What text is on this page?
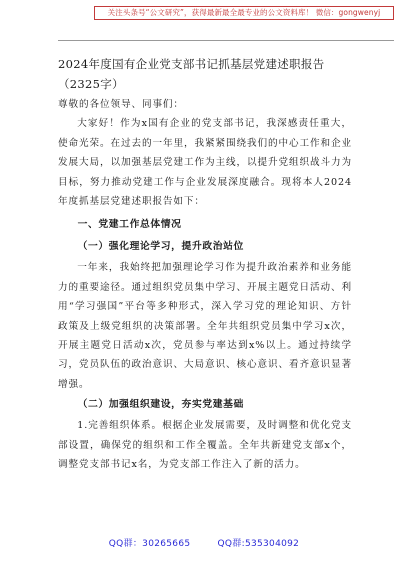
关注头条号“公文研究”，获得最新最全最专业的公文资料库！ 微信：gongwenyj

2024年度国有企业党支部书记抓基层党建述职报告（2325字）

尊敬的各位领导、同事们：

大家好！作为x国有企业的党支部书记，我深感责任重大，使命光荣。在过去的一年里，我紧紧围绕我们的中心工作和企业发展大局，以加强基层党建工作为主线，以提升党组织战斗力为目标，努力推动党建工作与企业发展深度融合。现将本人2024年度抓基层党建述职报告如下：

一、党建工作总体情况

（一）强化理论学习，提升政治站位

一年来，我始终把加强理论学习作为提升政治素养和业务能力的重要途径。通过组织党员集中学习、开展主题党日活动、利用“学习强国”平台等多种形式，深入学习党的理论知识、方针政策及上级党组织的决策部署。全年共组织党员集中学习x次，开展主题党日活动x次，党员参与率达到x%以上。通过持续学习，党员队伍的政治意识、大局意识、核心意识、看齐意识显著增强。

（二）加强组织建设，夯实党建基础

1.完善组织体系。根据企业发展需要，及时调整和优化党支部设置，确保党的组织和工作全覆盖。全年共新建党支部x个，调整党支部书记x名，为党支部工作注入了新的活力。

QQ群：30265665	QQ群:535304092
